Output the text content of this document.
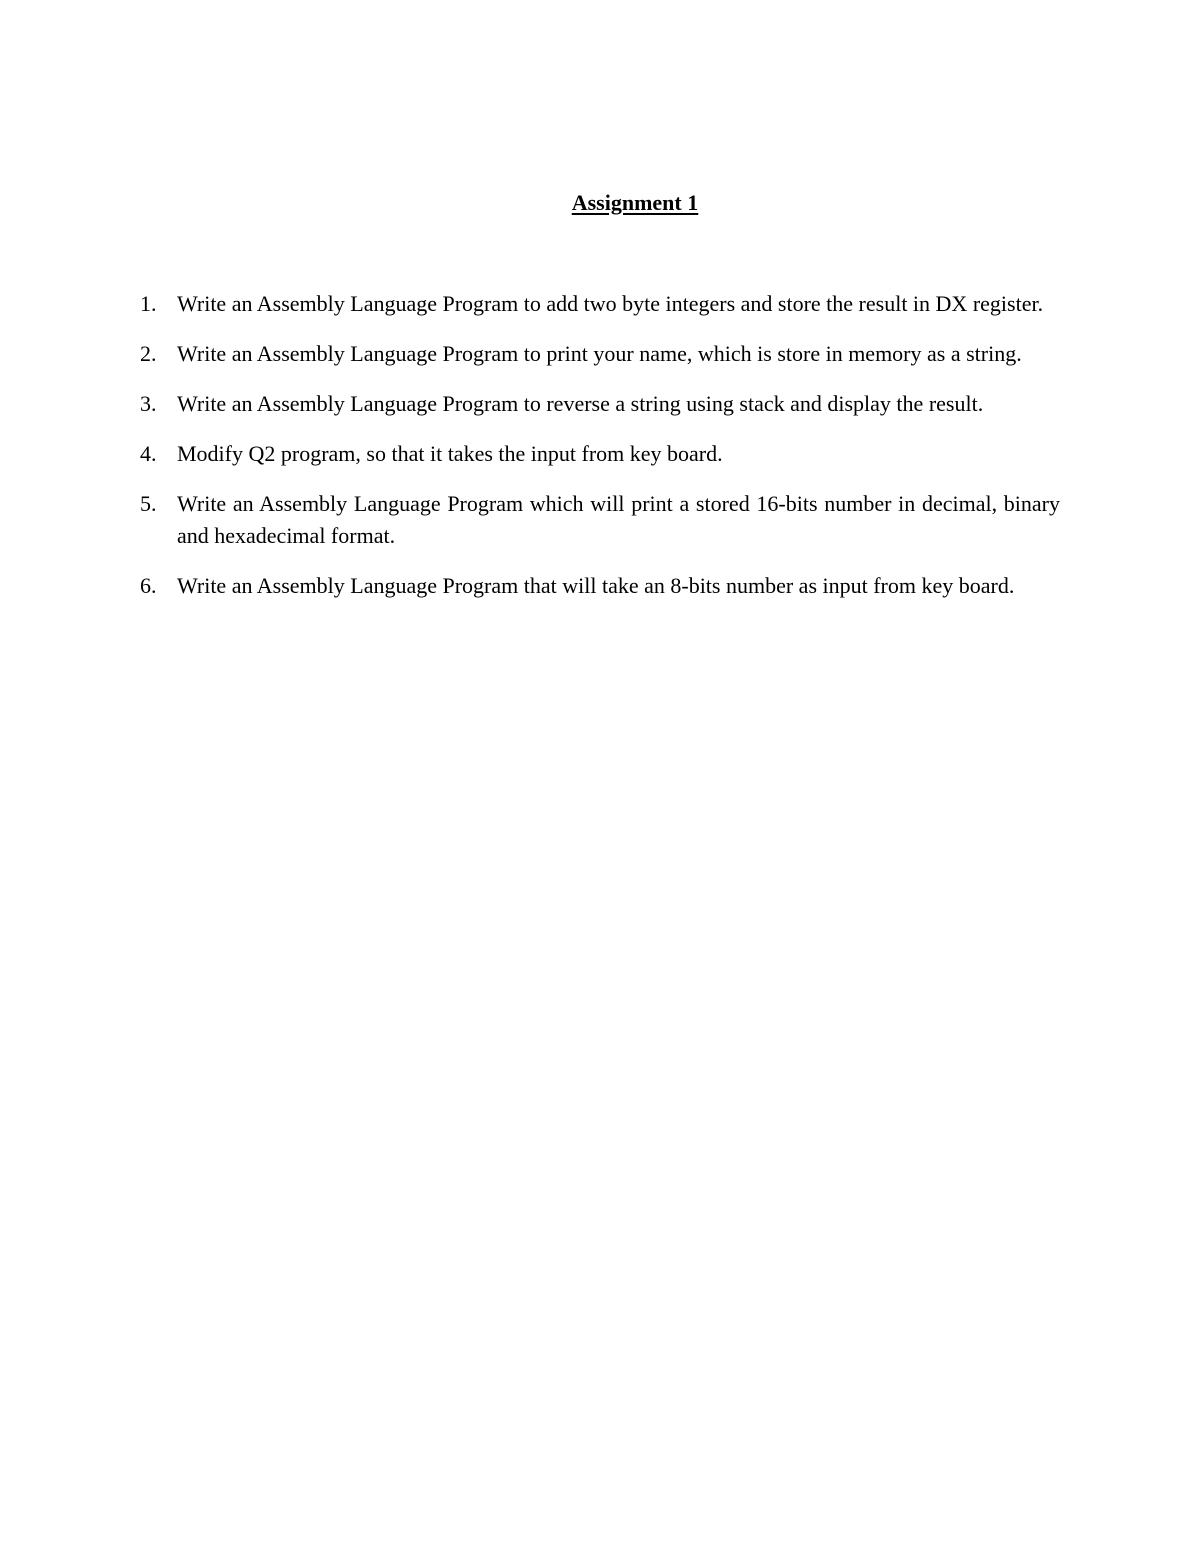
Assignment 1
1. Write an Assembly Language Program to add two byte integers and store the result in DX register.
2. Write an Assembly Language Program to print your name, which is store in memory as a string.
3. Write an Assembly Language Program to reverse a string using stack and display the result.
4. Modify Q2 program, so that it takes the input from key board.
5. Write an Assembly Language Program which will print a stored 16-bits number in decimal, binary and hexadecimal format.
6. Write an Assembly Language Program that will take an 8-bits number as input from key board.
